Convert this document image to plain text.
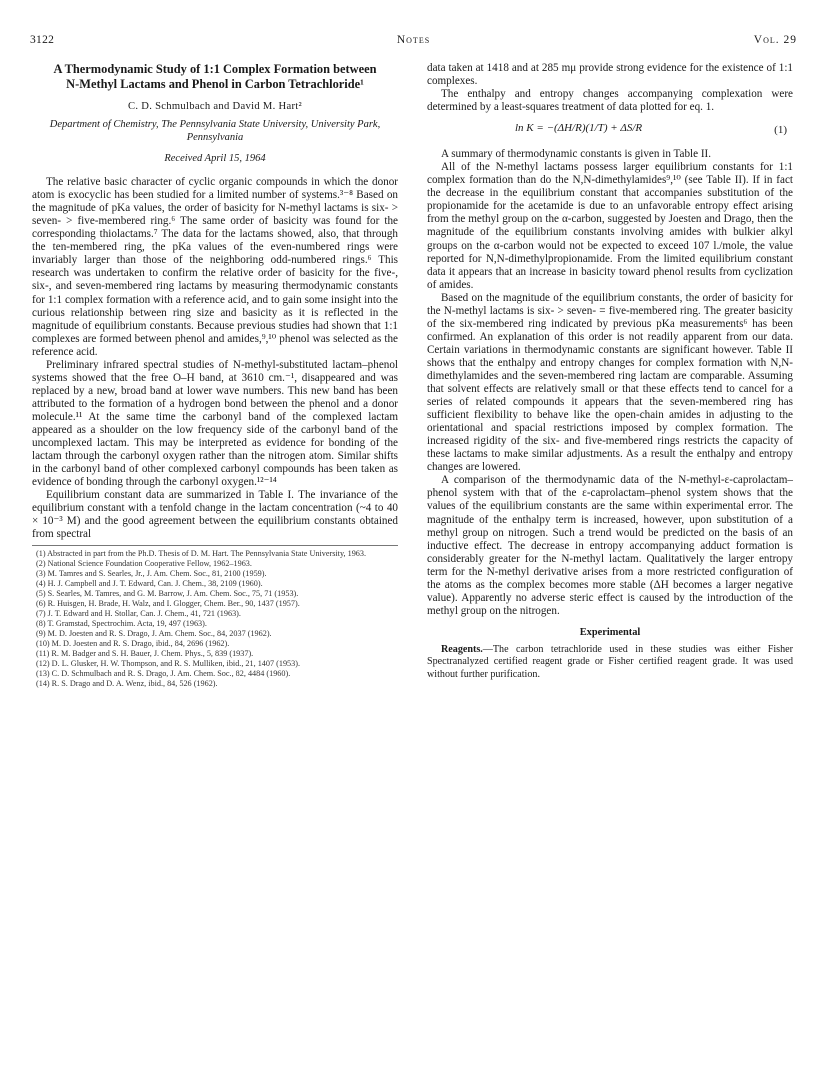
3122	Notes	Vol. 29
A Thermodynamic Study of 1:1 Complex Formation between N-Methyl Lactams and Phenol in Carbon Tetrachloride¹
C. D. Schmulbach and David M. Hart²
Department of Chemistry, The Pennsylvania State University, University Park, Pennsylvania
Received April 15, 1964

The relative basic character of cyclic organic compounds in which the donor atom is exocyclic has been studied for a limited number of systems.³⁻⁸ Based on the magnitude of pKa values, the order of basicity for N-methyl lactams is six- > seven- > five-membered ring.⁶ The same order of basicity was found for the corresponding thiolactams.⁷ The data for the lactams showed, also, that through the ten-membered ring, the pKa values of the even-numbered rings were invariably larger than those of the neighboring odd-numbered rings.⁶ This research was undertaken to confirm the relative order of basicity for the five-, six-, and seven-membered ring lactams by measuring thermodynamic constants for 1:1 complex formation with a reference acid, and to gain some insight into the curious relationship between ring size and basicity as it is reflected in the magnitude of equilibrium constants. Because previous studies had shown that 1:1 complexes are formed between phenol and amides,⁹,¹⁰ phenol was selected as the reference acid.

Preliminary infrared spectral studies of N-methyl-substituted lactam–phenol systems showed that the free O–H band, at 3610 cm.⁻¹, disappeared and was replaced by a new, broad band at lower wave numbers. This new band has been attributed to the formation of a hydrogen bond between the phenol and a donor molecule.¹¹ At the same time the carbonyl band of the complexed lactam appeared as a shoulder on the low frequency side of the carbonyl band of the uncomplexed lactam. This may be interpreted as evidence for bonding of the lactam through the carbonyl oxygen rather than the nitrogen atom. Similar shifts in the carbonyl band of other complexed carbonyl compounds has been taken as evidence of bonding through the carbonyl oxygen.¹²⁻¹⁴

Equilibrium constant data are summarized in Table I. The invariance of the equilibrium constant with a tenfold change in the lactam concentration (~4 to 40 × 10⁻³ M) and the good agreement between the equilibrium constants obtained from spectral

(1) Abstracted in part from the Ph.D. Thesis of D. M. Hart. The Pennsylvania State University, 1963.
(2) National Science Foundation Cooperative Fellow, 1962–1963.
(3) M. Tamres and S. Searles, Jr., J. Am. Chem. Soc., 81, 2100 (1959).
(4) H. J. Campbell and J. T. Edward, Can. J. Chem., 38, 2109 (1960).
(5) S. Searles, M. Tamres, and G. M. Barrow, J. Am. Chem. Soc., 75, 71 (1953).
(6) R. Huisgen, H. Brade, H. Walz, and I. Glogger, Chem. Ber., 90, 1437 (1957).
(7) J. T. Edward and H. Stollar, Can. J. Chem., 41, 721 (1963).
(8) T. Gramstad, Spectrochim. Acta, 19, 497 (1963).
(9) M. D. Joesten and R. S. Drago, J. Am. Chem. Soc., 84, 2037 (1962).
(10) M. D. Joesten and R. S. Drago, ibid., 84, 2696 (1962).
(11) R. M. Badger and S. H. Bauer, J. Chem. Phys., 5, 839 (1937).
(12) D. L. Glusker, H. W. Thompson, and R. S. Mulliken, ibid., 21, 1407 (1953).
(13) C. D. Schmulbach and R. S. Drago, J. Am. Chem. Soc., 82, 4484 (1960).
(14) R. S. Drago and D. A. Wenz, ibid., 84, 526 (1962).

data taken at 1418 and at 285 mμ provide strong evidence for the existence of 1:1 complexes.

The enthalpy and entropy changes accompanying complexation were determined by a least-squares treatment of data plotted for eq. 1.

ln K = −(ΔH/R)(1/T) + ΔS/R	(1)

A summary of thermodynamic constants is given in Table II.

All of the N-methyl lactams possess larger equilibrium constants for 1:1 complex formation than do the N,N-dimethylamides⁹,¹⁰ (see Table II). If in fact the decrease in the equilibrium constant that accompanies substitution of the propionamide for the acetamide is due to an unfavorable entropy effect arising from the methyl group on the α-carbon, suggested by Joesten and Drago, then the magnitude of the equilibrium constants involving amides with bulkier alkyl groups on the α-carbon would not be expected to exceed 107 l./mole, the value reported for N,N-dimethylpropionamide. From the limited equilibrium constant data it appears that an increase in basicity toward phenol results from cyclization of amides.

Based on the magnitude of the equilibrium constants, the order of basicity for the N-methyl lactams is six- > seven- = five-membered ring. The greater basicity of the six-membered ring indicated by previous pKa measurements⁶ has been confirmed. An explanation of this order is not readily apparent from our data. Certain variations in thermodynamic constants are significant however. Table II shows that the enthalpy and entropy changes for complex formation with N,N-dimethylamides and the seven-membered ring lactam are comparable. Assuming that solvent effects are relatively small or that these effects tend to cancel for a series of related compounds it appears that the seven-membered ring has sufficient flexibility to behave like the open-chain amides in adjusting to the orientational and spacial restrictions imposed by complex formation. The increased rigidity of the six- and five-membered rings restricts the capacity of these lactams to make similar adjustments. As a result the enthalpy and entropy changes are lowered.

A comparison of the thermodynamic data of the N-methyl-ε-caprolactam–phenol system with that of the ε-caprolactam–phenol system shows that the values of the equilibrium constants are the same within experimental error. The magnitude of the enthalpy term is increased, however, upon substitution of a methyl group on nitrogen. Such a trend would be predicted on the basis of an inductive effect. The decrease in entropy accompanying adduct formation is considerably greater for the N-methyl lactam. Qualitatively the larger entropy term for the N-methyl derivative arises from a more restricted configuration of the atoms as the complex becomes more stable (ΔH becomes a larger negative value). Apparently no adverse steric effect is caused by the introduction of the methyl group on the nitrogen.

Experimental

Reagents.—The carbon tetrachloride used in these studies was either Fisher Spectranalyzed certified reagent grade or Fisher certified reagent grade. It was used without further purification.
